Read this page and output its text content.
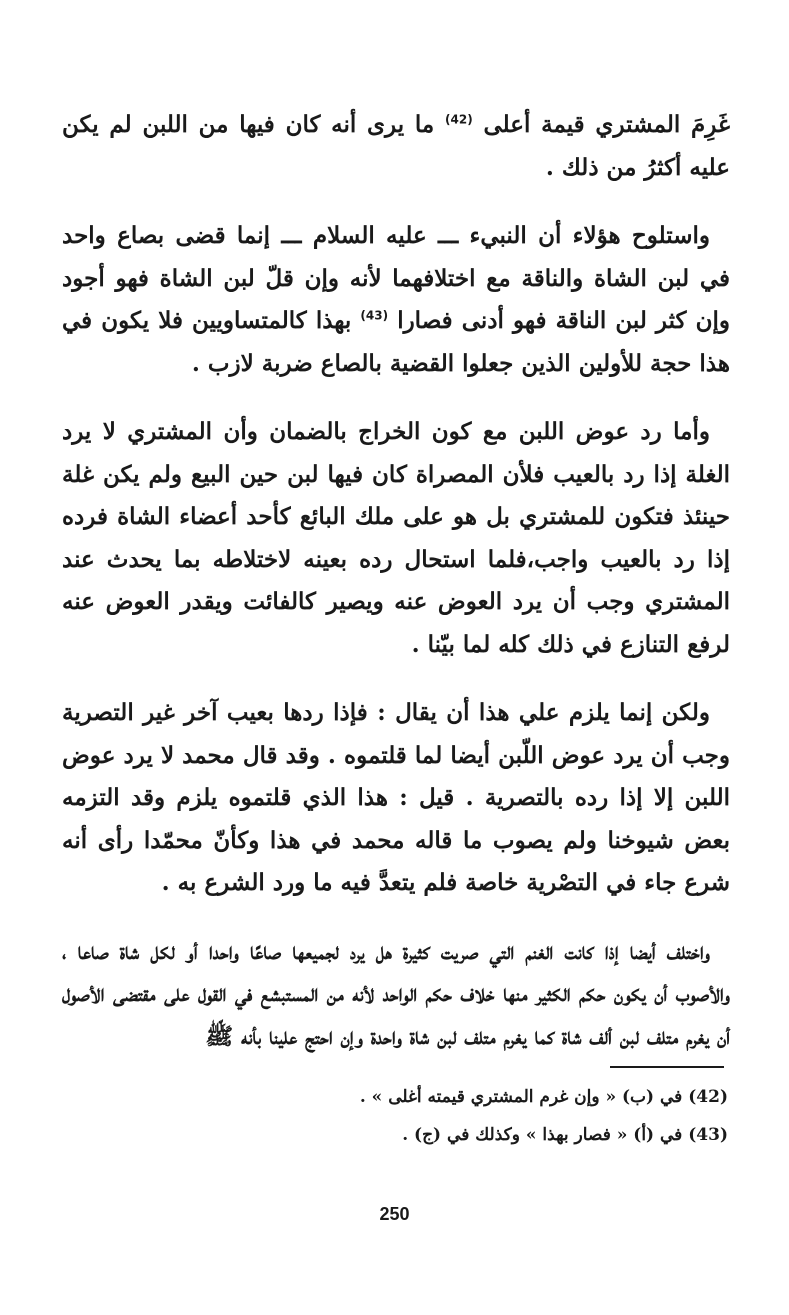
غَرِمَ المشتري قيمة أعلى $^{(42)}$ ما يرى أنه كان فيها من اللبن لم يكن عليه أكثرُ من ذلك .

واستلوح هؤلاء أن النبيء ـــ عليه السلام ـــ إنما قضى بصاع واحد في لبن الشاة والناقة مع اختلافهما لأنه وإن قلّ لبن الشاة فهو أجود وإن كثر لبن الناقة فهو أدنى فصارا $^{(43)}$ بهذا كالمتساويين فلا يكون في هذا حجة للأولين الذين جعلوا القضية بالصاع ضربة لازب .

وأما رد عوض اللبن مع كون الخراج بالضمان وأن المشتري لا يرد الغلة إذا رد بالعيب فلأن المصراة كان فيها لبن حين البيع ولم يكن غلة حينئذ فتكون للمشتري بل هو على ملك البائع كأحد أعضاء الشاة فرده إذا رد بالعيب واجب،فلما استحال رده بعينه لاختلاطه بما يحدث عند المشتري وجب أن يرد العوض عنه ويصير كالفائت ويقدر العوض عنه لرفع التنازع في ذلك كله لما بيّنا .

ولكن إنما يلزم علي هذا أن يقال : فإذا ردها بعيب آخر غير التصرية وجب أن يرد عوض اللّبن أيضا لما قلتموه . وقد قال محمد لا يرد عوض اللبن إلا إذا رده بالتصرية . قيل : هذا الذي قلتموه يلزم وقد التزمه بعض شيوخنا ولم يصوب ما قاله محمد في هذا وكأنّ محمّدا رأى أنه شرع جاء في التصْرية خاصة فلم يتعدَّ فيه ما ورد الشرع به .

واختلف أيضا إذا كانت الغنم التي صريت كثيرة هل يرد لجميعها صاعًا واحدا أو لكل شاة صاعا ، والأصوب أن يكون حكم الكثير منها خلاف حكم الواحد لأنه من المستبشع في القول على مقتضى الأصول أن يغرم متلف لبن ألف شاة كما يغرم متلف لبن شاة واحدة وإن احتج علينا بأنه ﷺ

(42) في (ب) « وإن غرم المشتري قيمته أغلى » .
(43) في (أ) « فصار بهذا » وكذلك في (ج) .
250
